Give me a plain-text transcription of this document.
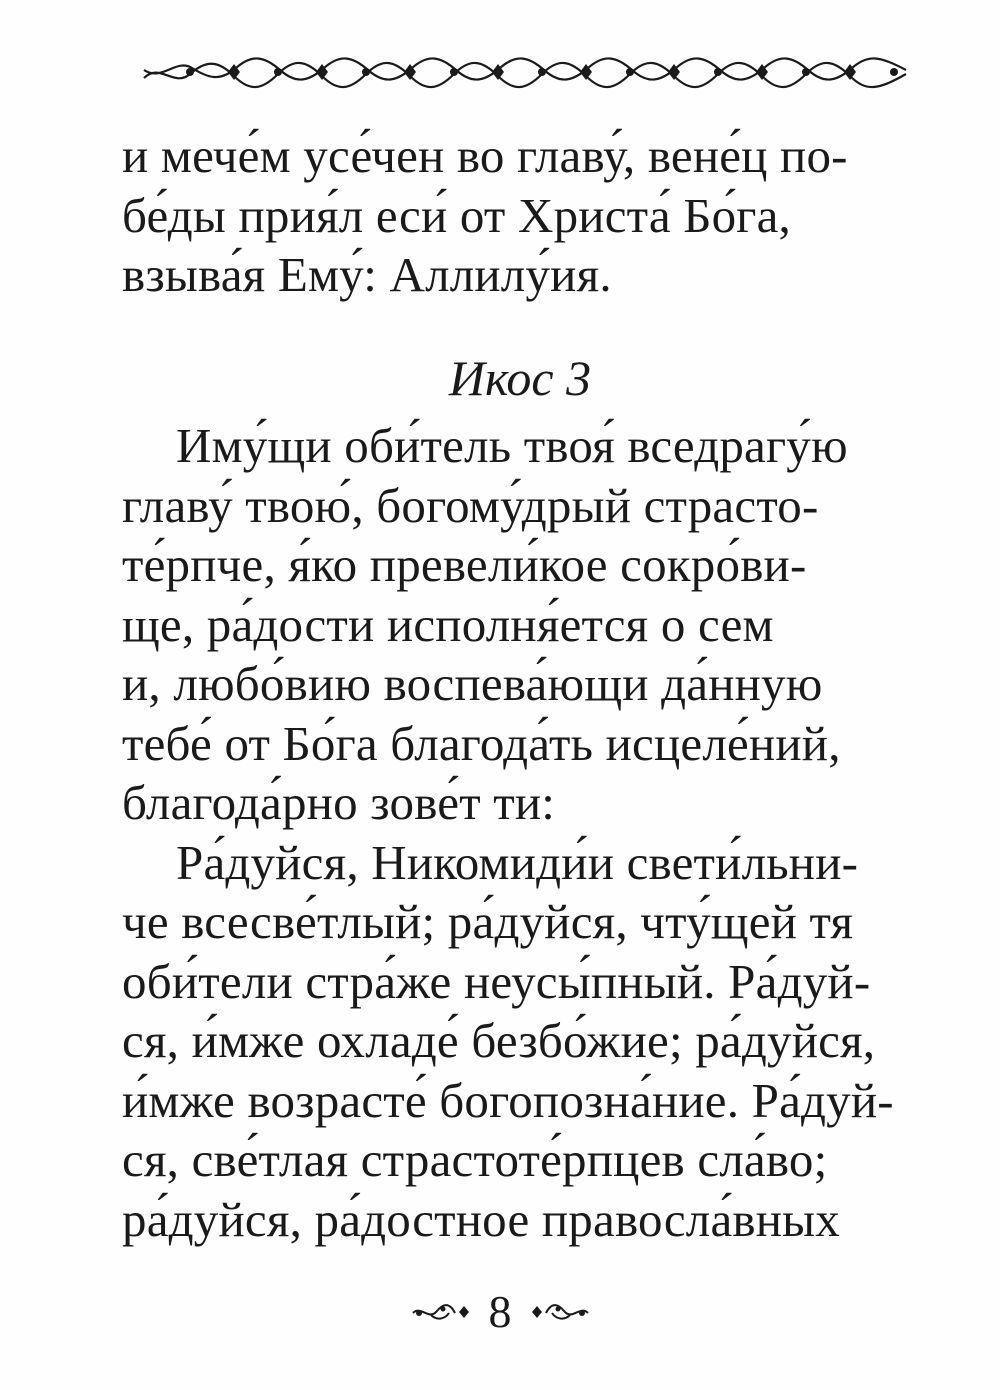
и мече́м усе́чен во главу́, вене́ц по-
бе́ды прия́л еси́ от Христа́ Бо́га,
взыва́я Ему́: Аллилу́ия.
Икос 3
Иму́щи оби́тель твоя́ вседрагу́ю
главу́ твою́, богому́дрый страсто-
те́рпче, я́ко превели́кое сокро́ви-
ще, ра́дости исполня́ется о сем
и, любо́вию воспева́ющи да́нную
тебе́ от Бо́га благода́ть исцеле́ний,
благода́рно зове́т ти:
Ра́дуйся, Никомиди́и свети́льни-
че всесве́тлый; ра́дуйся, чту́щей тя
оби́тели стра́же неусы́пный. Ра́дуй-
ся, и́мже охладе́ безбо́жие; ра́дуйся,
и́мже возрасте́ богопозна́ние. Ра́дуй-
ся, све́тлая страстоте́рпцев сла́во;
ра́дуйся, ра́достное правосла́вных
8
